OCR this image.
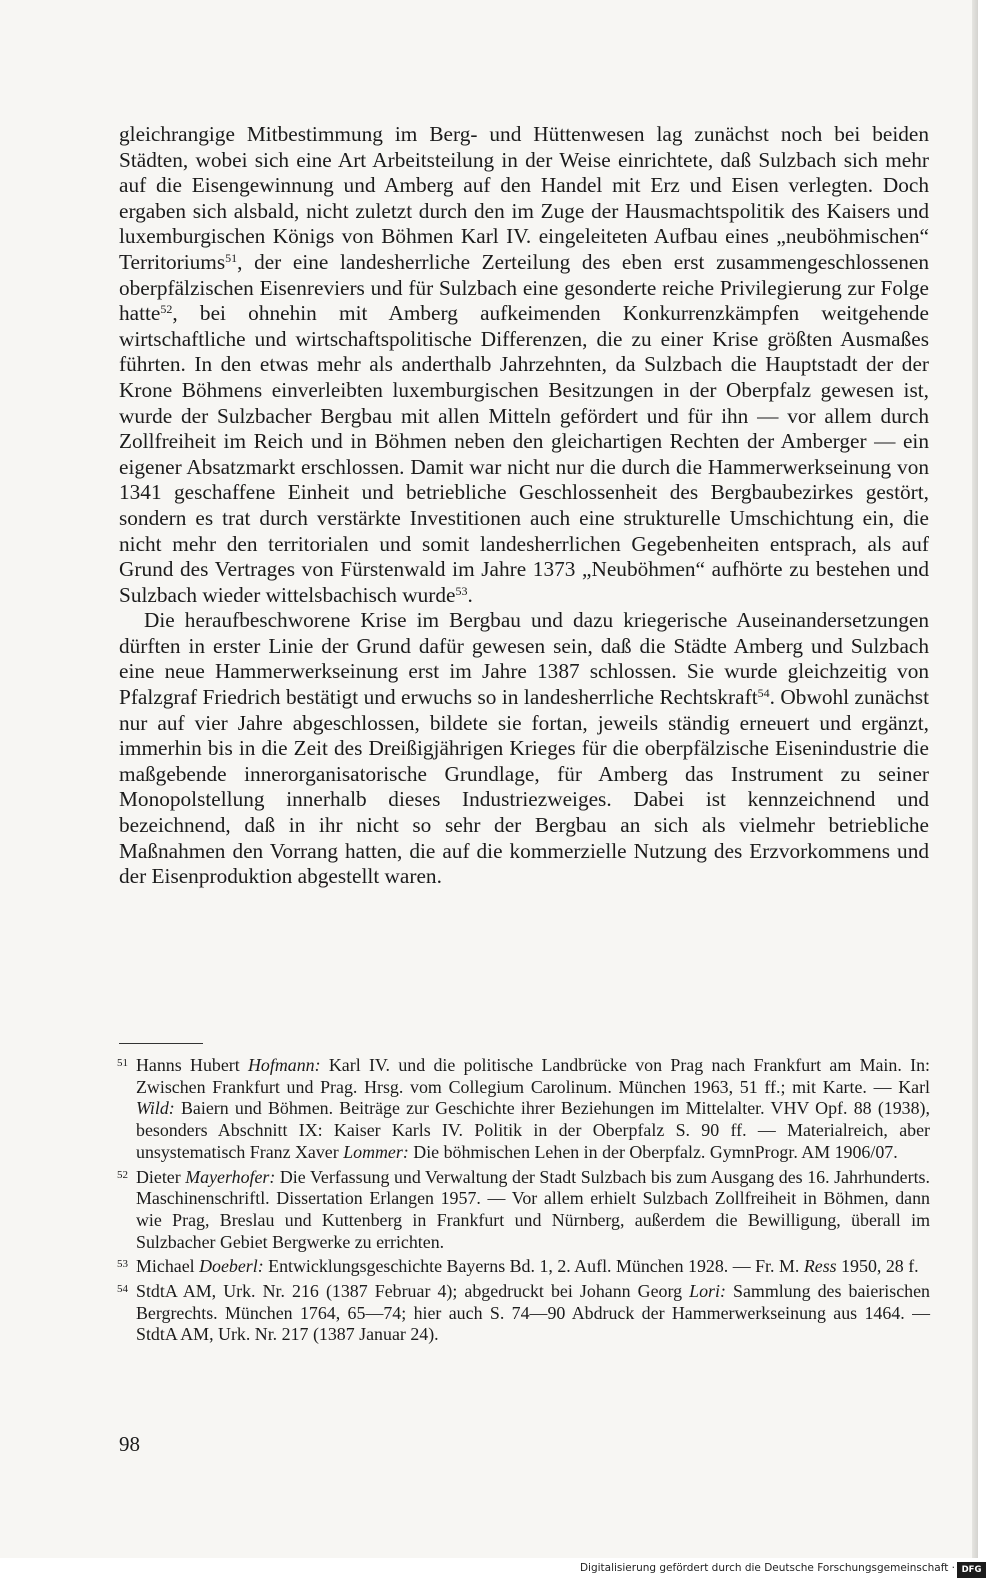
gleichrangige Mitbestimmung im Berg- und Hüttenwesen lag zunächst noch bei beiden Städten, wobei sich eine Art Arbeitsteilung in der Weise einrichtete, daß Sulzbach sich mehr auf die Eisengewinnung und Amberg auf den Handel mit Erz und Eisen verlegten. Doch ergaben sich alsbald, nicht zuletzt durch den im Zuge der Hausmachtspolitik des Kaisers und luxemburgischen Königs von Böhmen Karl IV. eingeleiteten Aufbau eines „neuböhmischen“ Territoriums$^{51}$, der eine landesherrliche Zerteilung des eben erst zusammengeschlossenen oberpfälzischen Eisenreviers und für Sulzbach eine gesonderte reiche Privilegierung zur Folge hatte$^{52}$, bei ohnehin mit Amberg aufkeimenden Konkurrenzkämpfen weitgehende wirtschaftliche und wirtschaftspolitische Differenzen, die zu einer Krise größten Ausmaßes führten. In den etwas mehr als anderthalb Jahrzehnten, da Sulzbach die Hauptstadt der der Krone Böhmens einverleibten luxemburgischen Besitzungen in der Oberpfalz gewesen ist, wurde der Sulzbacher Bergbau mit allen Mitteln gefördert und für ihn — vor allem durch Zollfreiheit im Reich und in Böhmen neben den gleichartigen Rechten der Amberger — ein eigener Absatzmarkt erschlossen. Damit war nicht nur die durch die Hammerwerkseinung von 1341 geschaffene Einheit und betriebliche Geschlossenheit des Bergbaubezirkes gestört, sondern es trat durch verstärkte Investitionen auch eine strukturelle Umschichtung ein, die nicht mehr den territorialen und somit landesherrlichen Gegebenheiten entsprach, als auf Grund des Vertrages von Fürstenwald im Jahre 1373 „Neuböhmen“ aufhörte zu bestehen und Sulzbach wieder wittelsbachisch wurde$^{53}$.

Die heraufbeschworene Krise im Bergbau und dazu kriegerische Auseinandersetzungen dürften in erster Linie der Grund dafür gewesen sein, daß die Städte Amberg und Sulzbach eine neue Hammerwerkseinung erst im Jahre 1387 schlossen. Sie wurde gleichzeitig von Pfalzgraf Friedrich bestätigt und erwuchs so in landesherrliche Rechtskraft$^{54}$. Obwohl zunächst nur auf vier Jahre abgeschlossen, bildete sie fortan, jeweils ständig erneuert und ergänzt, immerhin bis in die Zeit des Dreißigjährigen Krieges für die oberpfälzische Eisenindustrie die maßgebende innerorganisatorische Grundlage, für Amberg das Instrument zu seiner Monopolstellung innerhalb dieses Industriezweiges. Dabei ist kennzeichnend und bezeichnend, daß in ihr nicht so sehr der Bergbau an sich als vielmehr betriebliche Maßnahmen den Vorrang hatten, die auf die kommerzielle Nutzung des Erzvorkommens und der Eisenproduktion abgestellt waren.

51 Hanns Hubert Hofmann: Karl IV. und die politische Landbrücke von Prag nach Frankfurt am Main. In: Zwischen Frankfurt und Prag. Hrsg. vom Collegium Carolinum. München 1963, 51 ff.; mit Karte. — Karl Wild: Baiern und Böhmen. Beiträge zur Geschichte ihrer Beziehungen im Mittelalter. VHV Opf. 88 (1938), besonders Abschnitt IX: Kaiser Karls IV. Politik in der Oberpfalz S. 90 ff. — Materialreich, aber unsystematisch Franz Xaver Lommer: Die böhmischen Lehen in der Oberpfalz. GymnProgr. AM 1906/07.

52 Dieter Mayerhofer: Die Verfassung und Verwaltung der Stadt Sulzbach bis zum Ausgang des 16. Jahrhunderts. Maschinenschriftl. Dissertation Erlangen 1957. — Vor allem erhielt Sulzbach Zollfreiheit in Böhmen, dann wie Prag, Breslau und Kuttenberg in Frankfurt und Nürnberg, außerdem die Bewilligung, überall im Sulzbacher Gebiet Bergwerke zu errichten.

53 Michael Doeberl: Entwicklungsgeschichte Bayerns Bd. 1, 2. Aufl. München 1928. — Fr. M. Ress 1950, 28 f.

54 StdtA AM, Urk. Nr. 216 (1387 Februar 4); abgedruckt bei Johann Georg Lori: Sammlung des baierischen Bergrechts. München 1764, 65—74; hier auch S. 74—90 Abdruck der Hammerwerkseinung aus 1464. — StdtA AM, Urk. Nr. 217 (1387 Januar 24).

98
Digitalisierung gefördert durch die Deutsche Forschungsgemeinschaft · DFG
